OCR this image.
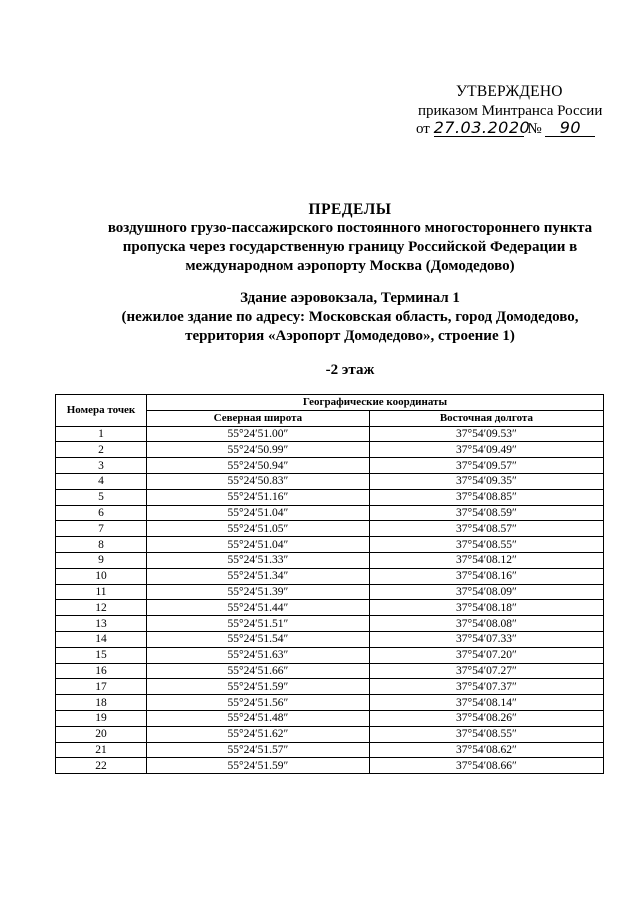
УТВЕРЖДЕНО
приказом Минтранса России
от 27.03.2020 № 90
ПРЕДЕЛЫ
воздушного грузо-пассажирского постоянного многостороннего пункта
пропуска через государственную границу Российской Федерации в
международном аэропорту Москва (Домодедово)
Здание аэровокзала, Терминал 1
(нежилое здание по адресу: Московская область, город Домодедово,
территория «Аэропорт Домодедово», строение 1)
-2 этаж
Номера точек	Географические координаты	
	Северная широта	Восточная долгота
1	55°24′51.00″	37°54′09.53″
2	55°24′50.99″	37°54′09.49″
3	55°24′50.94″	37°54′09.57″
4	55°24′50.83″	37°54′09.35″
5	55°24′51.16″	37°54′08.85″
6	55°24′51.04″	37°54′08.59″
7	55°24′51.05″	37°54′08.57″
8	55°24′51.04″	37°54′08.55″
9	55°24′51.33″	37°54′08.12″
10	55°24′51.34″	37°54′08.16″
11	55°24′51.39″	37°54′08.09″
12	55°24′51.44″	37°54′08.18″
13	55°24′51.51″	37°54′08.08″
14	55°24′51.54″	37°54′07.33″
15	55°24′51.63″	37°54′07.20″
16	55°24′51.66″	37°54′07.27″
17	55°24′51.59″	37°54′07.37″
18	55°24′51.56″	37°54′08.14″
19	55°24′51.48″	37°54′08.26″
20	55°24′51.62″	37°54′08.55″
21	55°24′51.57″	37°54′08.62″
22	55°24′51.59″	37°54′08.66″
